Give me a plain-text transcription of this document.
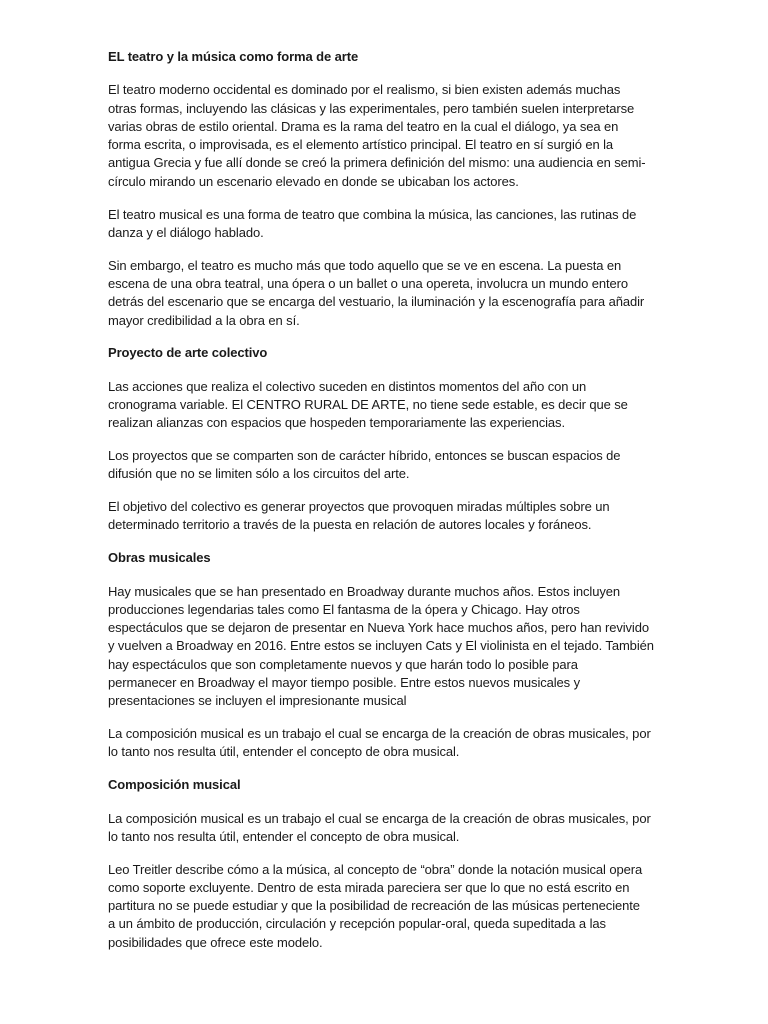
EL teatro y la música como forma de arte
El teatro moderno occidental es dominado por el realismo, si bien existen además muchas
otras formas, incluyendo las clásicas y las experimentales, pero también suelen interpretarse
varias obras de estilo oriental. Drama es la rama del teatro en la cual el diálogo, ya sea en
forma escrita, o improvisada, es el elemento artístico principal. El teatro en sí surgió en la
antigua Grecia y fue allí donde se creó la primera definición del mismo: una audiencia en semi-
círculo mirando un escenario elevado en donde se ubicaban los actores.
El teatro musical es una forma de teatro que combina la música, las canciones, las rutinas de
danza y el diálogo hablado.
Sin embargo, el teatro es mucho más que todo aquello que se ve en escena. La puesta en
escena de una obra teatral, una ópera o un ballet o una opereta, involucra un mundo entero
detrás del escenario que se encarga del vestuario, la iluminación y la escenografía para añadir
mayor credibilidad a la obra en sí.
Proyecto de arte colectivo
Las acciones que realiza el colectivo suceden en distintos momentos del año con un
cronograma variable. El CENTRO RURAL DE ARTE, no tiene sede estable, es decir que se
realizan alianzas con espacios que hospeden temporariamente las experiencias.
Los proyectos que se comparten son de carácter híbrido, entonces se buscan espacios de
difusión que no se limiten sólo a los circuitos del arte.
El objetivo del colectivo es generar proyectos que provoquen miradas múltiples sobre un
determinado territorio a través de la puesta en relación de autores locales y foráneos.
Obras musicales
Hay musicales que se han presentado en Broadway durante muchos años. Estos incluyen
producciones legendarias tales como El fantasma de la ópera y Chicago. Hay otros
espectáculos que se dejaron de presentar en Nueva York hace muchos años, pero han revivido
y vuelven a Broadway en 2016. Entre estos se incluyen Cats y El violinista en el tejado. También
hay espectáculos que son completamente nuevos y que harán todo lo posible para
permanecer en Broadway el mayor tiempo posible. Entre estos nuevos musicales y
presentaciones se incluyen el impresionante musical
La composición musical es un trabajo el cual se encarga de la creación de obras musicales, por
lo tanto nos resulta útil, entender el concepto de obra musical.
Composición musical
La composición musical es un trabajo el cual se encarga de la creación de obras musicales, por
lo tanto nos resulta útil, entender el concepto de obra musical.
Leo Treitler describe cómo a la música, al concepto de “obra” donde la notación musical opera
como soporte excluyente. Dentro de esta mirada pareciera ser que lo que no está escrito en
partitura no se puede estudiar y que la posibilidad de recreación de las músicas perteneciente
a un ámbito de producción, circulación y recepción popular-oral, queda supeditada a las
posibilidades que ofrece este modelo.
